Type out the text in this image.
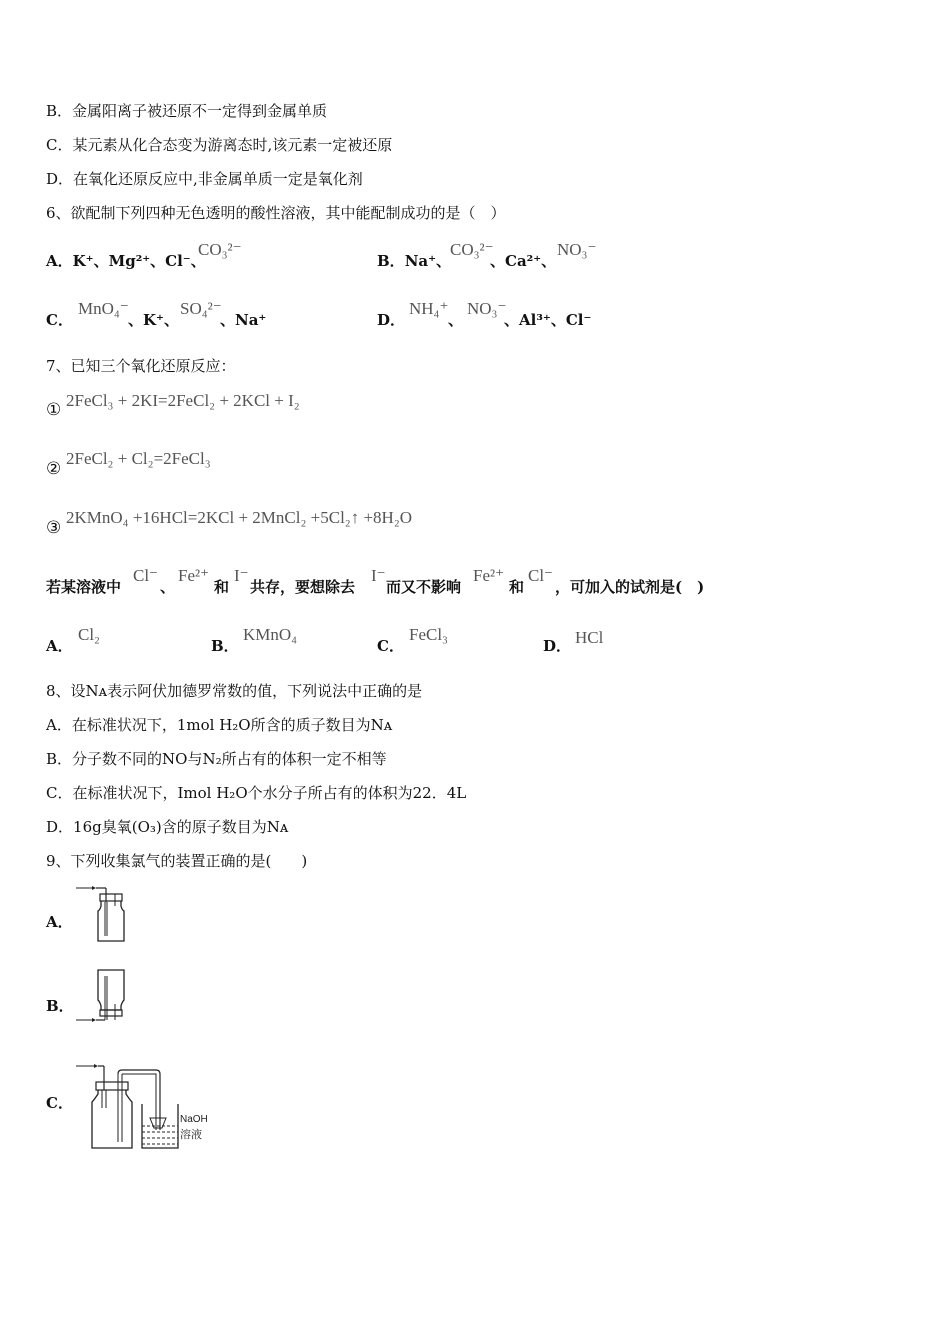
B．金属阳离子被还原不一定得到金属单质
C．某元素从化合态变为游离态时,该元素一定被还原
D．在氧化还原反应中,非金属单质一定是氧化剂
6、欲配制下列四种无色透明的酸性溶液，其中能配制成功的是（　）
A．K⁺、Mg²⁺、Cl⁻、
CO₃²⁻
B．Na⁺、
CO₃²⁻
、Ca²⁺、
NO₃⁻
C．
MnO₄⁻
、K⁺、
SO₄²⁻
、Na⁺	D．
NH₄⁺
、
NO₃⁻
、Al³⁺、Cl⁻
7、已知三个氧化还原反应：
① 2FeCl₃ + 2KI=2FeCl₂ + 2KCl + I₂
②
2FeCl₂ + Cl₂=2FeCl₃
③
2KMnO₄ +16HCl=2KCl + 2MnCl₂ +5Cl₂↑ +8H₂O
若某溶液中
Cl⁻
、
Fe²⁺
和
I⁻
共存，要想除去
I⁻
而又不影响
Fe²⁺
和
Cl⁻
，可加入的试剂是(　)
A．
Cl₂
B．
KMnO₄
C．
FeCl₃
D． HCl
8、设Nᴀ表示阿伏加德罗常数的值，下列说法中正确的是
A．在标准状况下，1mol H₂O所含的质子数目为Nᴀ
B．分子数不同的NO与N₂所占有的体积一定不相等
C．在标准状况下，Imol H₂O个水分子所占有的体积为22．4L
D．16g臭氧(O₃)含的原子数目为Nᴀ
9、下列收集氯气的装置正确的是(　　)
A．
B．
C．
NaOH
溶液
